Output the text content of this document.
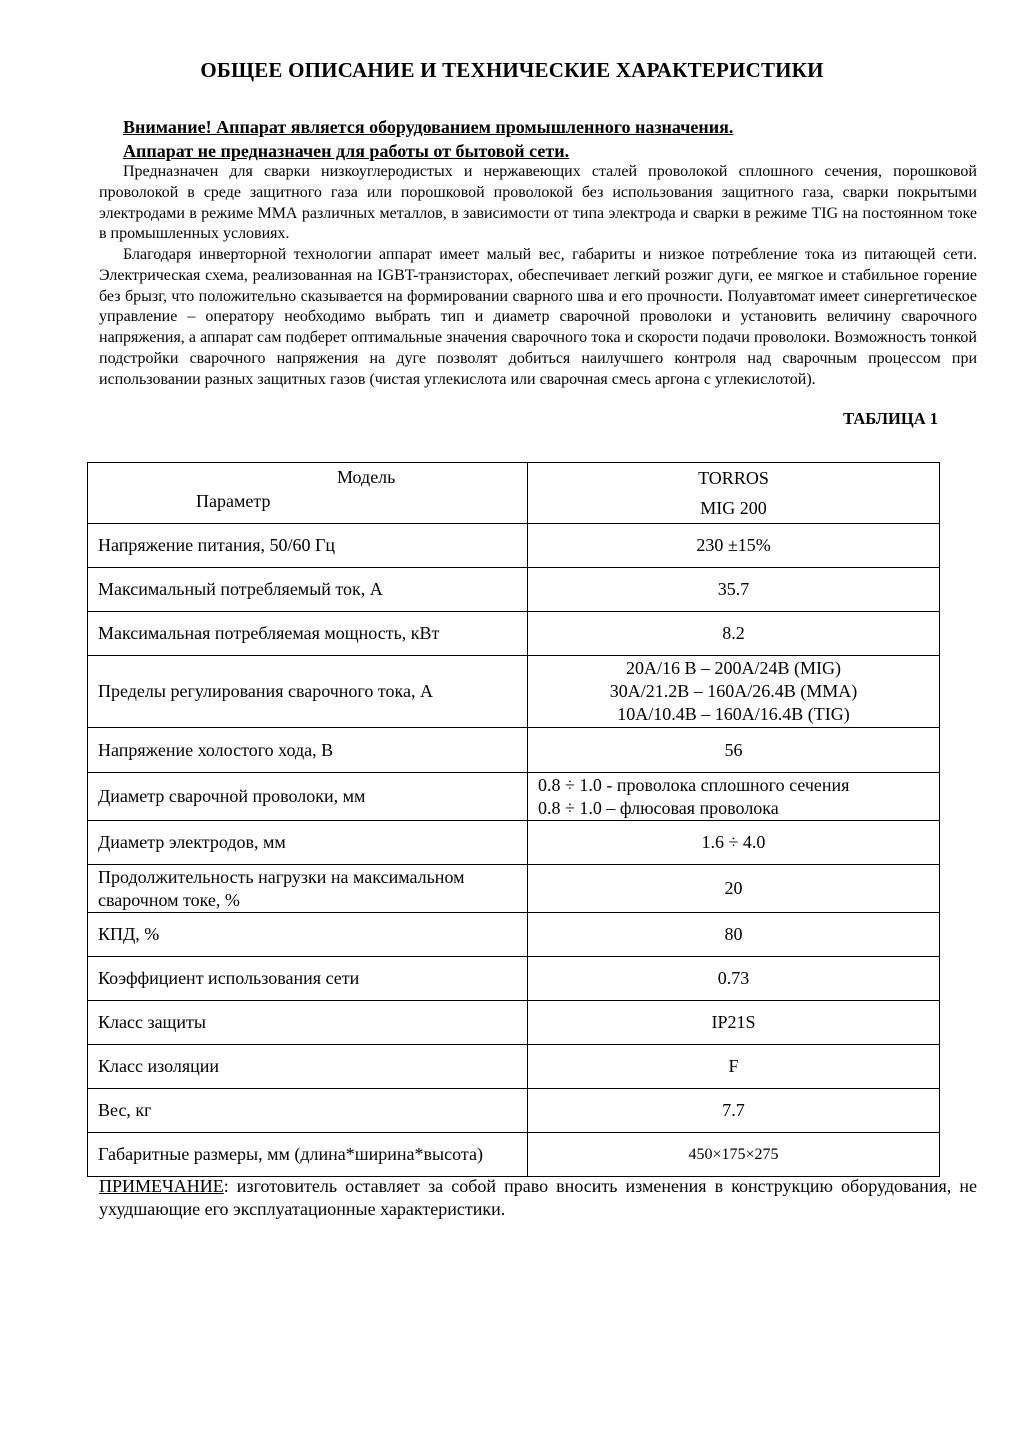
ОБЩЕЕ ОПИСАНИЕ И ТЕХНИЧЕСКИЕ ХАРАКТЕРИСТИКИ
Внимание! Аппарат является оборудованием промышленного назначения.
Аппарат не предназначен для работы от бытовой сети.
Предназначен для сварки низкоуглеродистых и нержавеющих сталей проволокой сплошного сечения, порошковой проволокой в среде защитного газа или порошковой проволокой без использования защитного газа, сварки покрытыми электродами в режиме ММА различных металлов, в зависимости от типа электрода и сварки в режиме TIG на постоянном токе в промышленных условиях.
Благодаря инверторной технологии аппарат имеет малый вес, габариты и низкое потребление тока из питающей сети. Электрическая схема, реализованная на IGBT-транзисторах, обеспечивает легкий розжиг дуги, ее мягкое и стабильное горение без брызг, что положительно сказывается на формировании сварного шва и его прочности. Полуавтомат имеет синергетическое управление – оператору необходимо выбрать тип и диаметр сварочной проволоки и установить величину сварочного напряжения, а аппарат сам подберет оптимальные значения сварочного тока и скорости подачи проволоки. Возможность тонкой подстройки сварочного напряжения на дуге позволят добиться наилучшего контроля над сварочным процессом при использовании разных защитных газов (чистая углекислота или сварочная смесь аргона с углекислотой).
ТАБЛИЦА 1
Модель
Параметр	TORROS
MIG 200

Напряжение питания, 50/60 Гц	230 ±15%
Максимальный потребляемый ток, А	35.7
Максимальная потребляемая мощность, кВт	8.2
Пределы регулирования сварочного тока, А	20А/16 В – 200А/24В (MIG)
30А/21.2В – 160А/26.4В (MMA)
10А/10.4В – 160А/16.4В (TIG)

Напряжение холостого хода, В	56
Диаметр сварочной проволоки, мм	0.8 ÷ 1.0 - проволока сплошного сечения
0.8 ÷ 1.0 – флюсовая проволока

Диаметр электродов, мм	1.6 ÷ 4.0
Продолжительность нагрузки на максимальном сварочном токе, %	20
КПД, %	80
Коэффициент использования сети	0.73
Класс защиты	IP21S
Класс изоляции	F
Вес, кг	7.7
Габаритные размеры, мм (длина*ширина*высота)	450×175×275
ПРИМЕЧАНИЕ: изготовитель оставляет за собой право вносить изменения в конструкцию оборудования, не ухудшающие его эксплуатационные характеристики.
